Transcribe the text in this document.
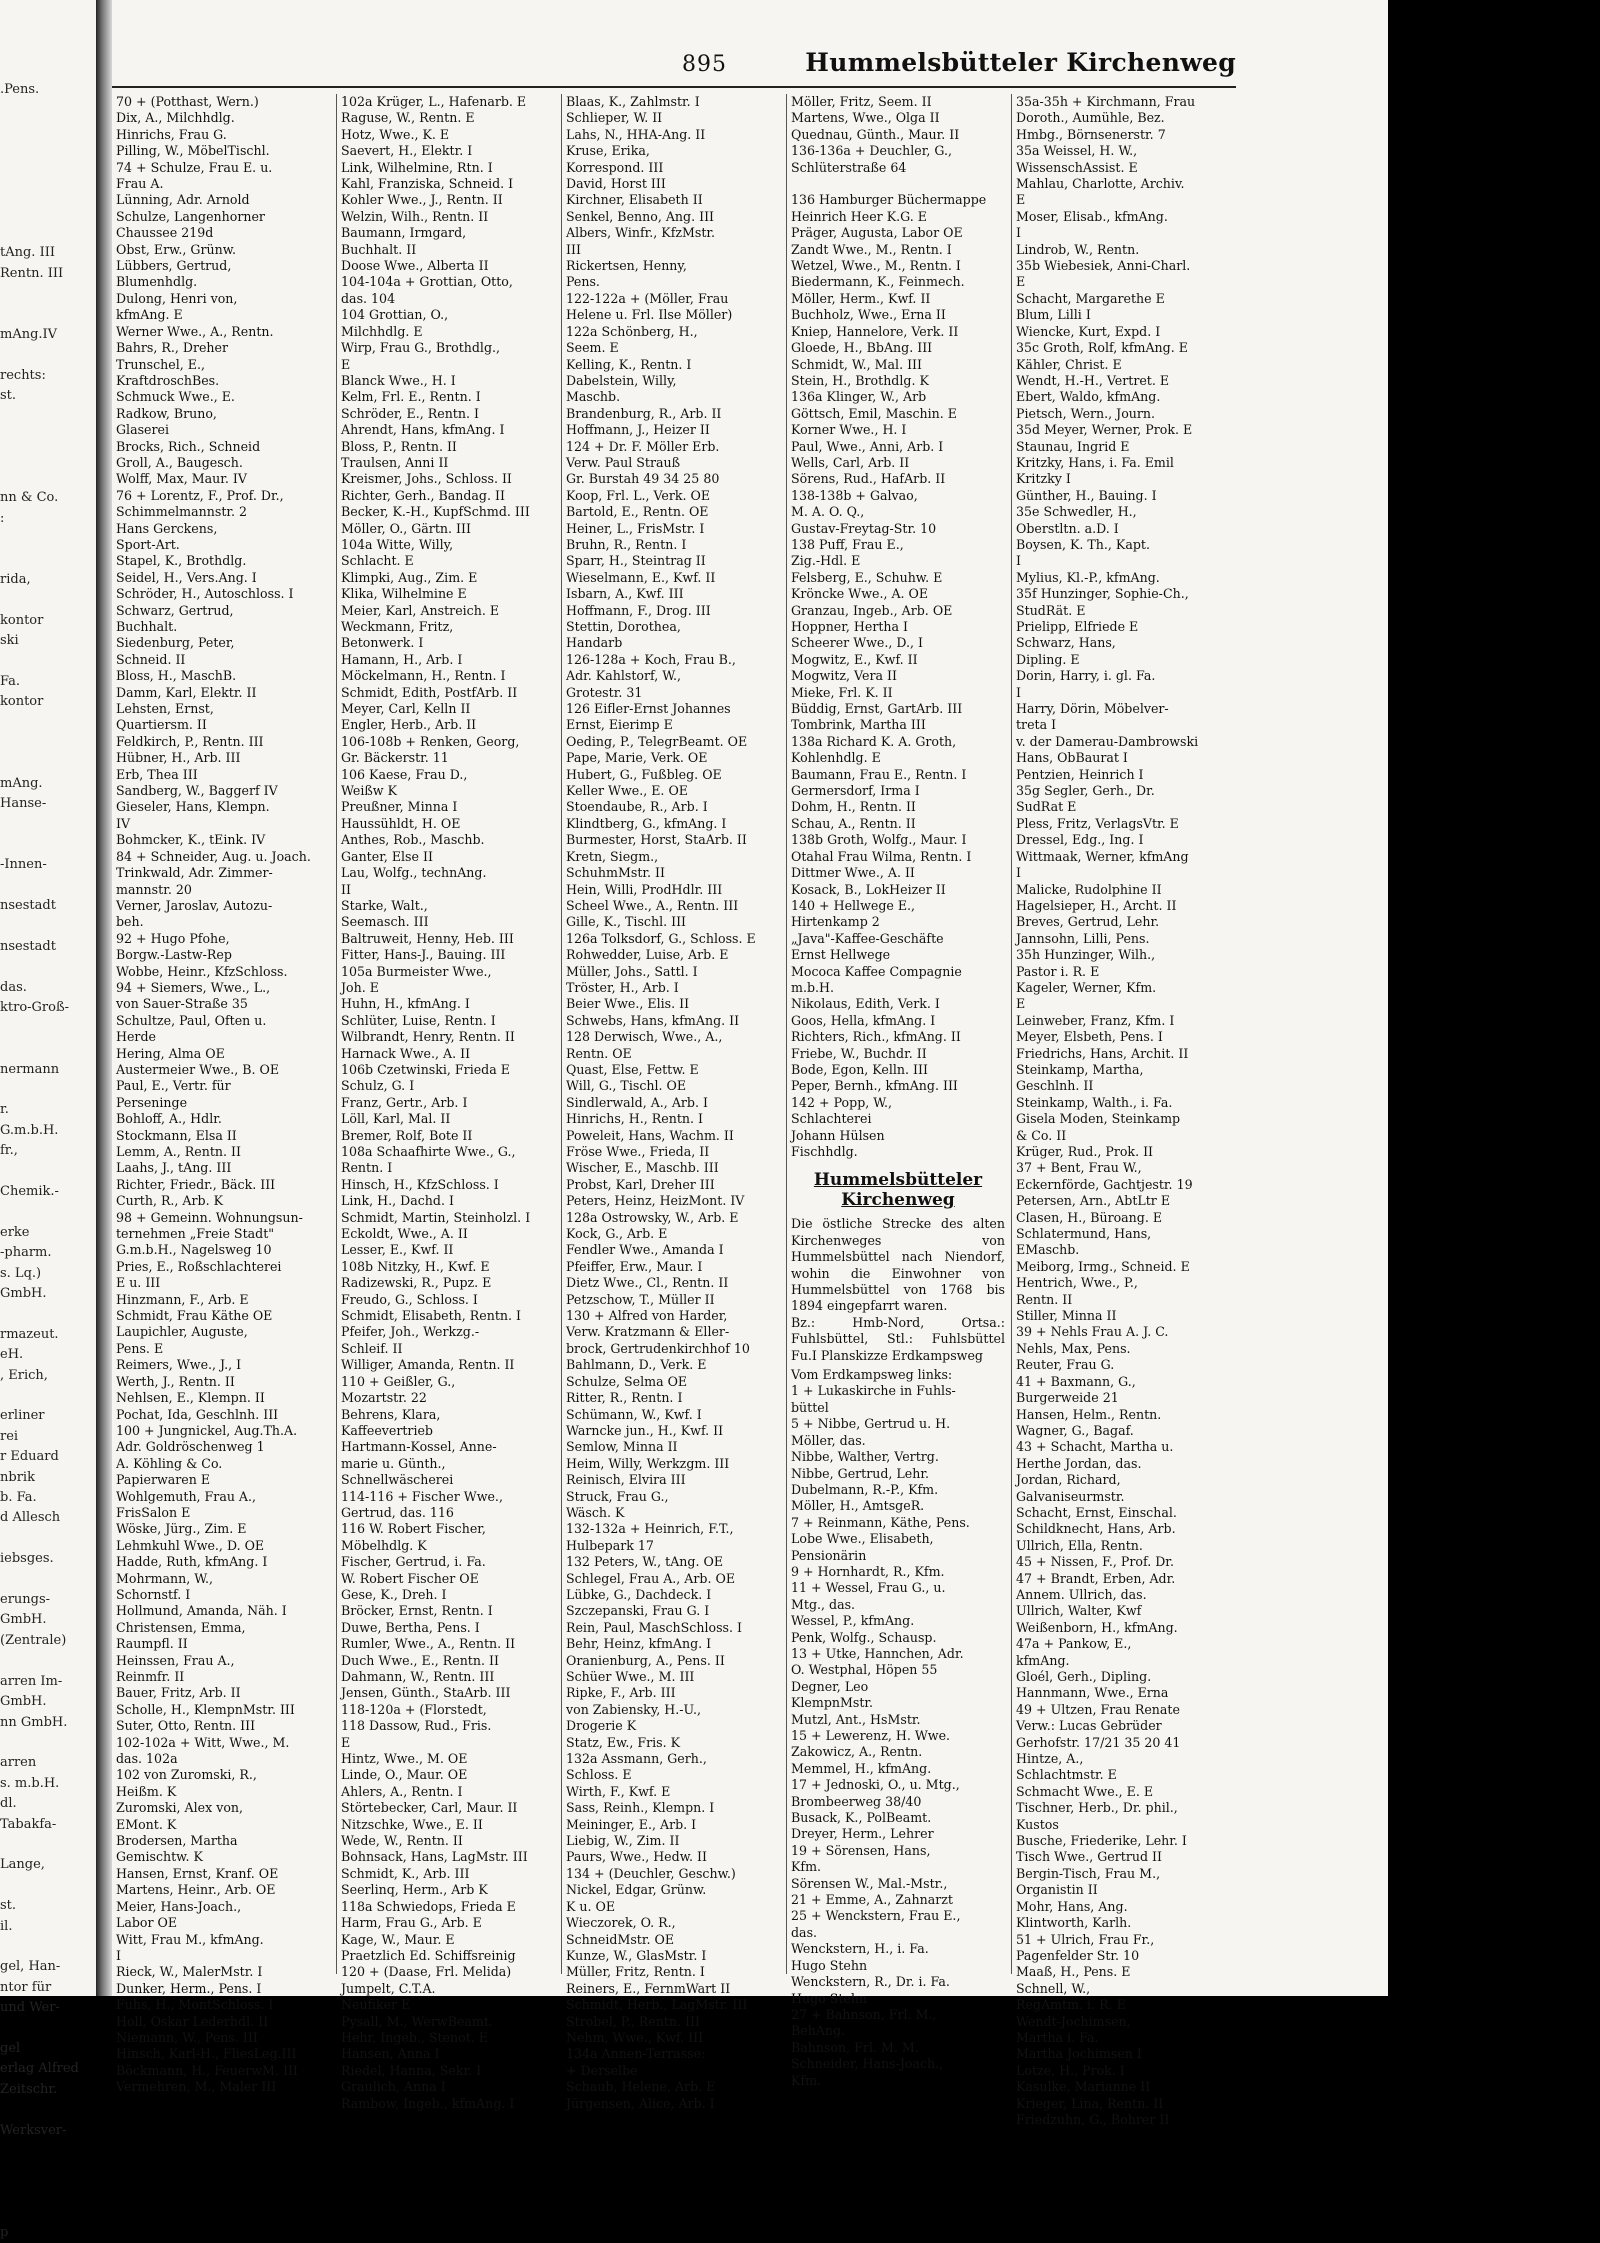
.Pens.

tAng. III
Rentn. III

mAng.IV

rechts:
st.

nn & Co.
:

rida,

kontor
ski

Fa.
kontor

mAng.
Hanse-

-Innen-

nsestadt

nsestadt

das.
ktro-Groß-

nermann

r.
G.m.b.H.
fr.,

Chemik.-

erke
-pharm.
s. Lq.)
GmbH.

rmazeut.
eH.
, Erich,

erliner
rei
r Eduard
nbrik
b. Fa.
d Allesch

iebsges.

erungs-
GmbH.
(Zentrale)

arren Im-
GmbH.
nn GmbH.

arren
s. m.b.H.
dl.
Tabakfa-

Lange,

st.
il.

gel, Han-
ntor für
und Wer-

gel
erlag Alfred
Zeitschr.

Werksver-

p
895	Hummelsbütteler Kirchenweg
70 + (Potthast, Wern.)
Dix, A., Milchhdlg.
Hinrichs, Frau G.
Pilling, W., MöbelTischl.
74 + Schulze, Frau E. u.
Frau A.
Lünning, Adr. Arnold
Schulze, Langenhorner
Chaussee 219d
Obst, Erw., Grünw.
Lübbers, Gertrud,
Blumenhdlg.
Dulong, Henri von,
kfmAng. E
Werner Wwe., A., Rentn.
Bahrs, R., Dreher
Trunschel, E.,
KraftdroschBes.
Schmuck Wwe., E.
Radkow, Bruno,
Glaserei
Brocks, Rich., Schneid
Groll, A., Baugesch.
Wolff, Max, Maur. IV
76 + Lorentz, F., Prof. Dr.,
Schimmelmannstr. 2
Hans Gerckens,
Sport-Art.
Stapel, K., Brothdlg.
Seidel, H., Vers.Ang. I
Schröder, H., Autoschloss. I
Schwarz, Gertrud,
Buchhalt.
Siedenburg, Peter,
Schneid. II
Bloss, H., MaschB.
Damm, Karl, Elektr. II
Lehsten, Ernst,
Quartiersm. II
Feldkirch, P., Rentn. III
Hübner, H., Arb. III
Erb, Thea III
Sandberg, W., Baggerf IV
Gieseler, Hans, Klempn.
IV
Bohmcker, K., tEink. IV
84 + Schneider, Aug. u. Joach.
Trinkwald, Adr. Zimmer-
mannstr. 20
Verner, Jaroslav, Autozu-
beh.
92 + Hugo Pfohe,
Borgw.-Lastw-Rep
Wobbe, Heinr., KfzSchloss.
94 + Siemers, Wwe., L.,
von Sauer-Straße 35
Schultze, Paul, Often u.
Herde
Hering, Alma OE
Austermeier Wwe., B. OE
Paul, E., Vertr. für
Perseninge
Bohloff, A., Hdlr.
Stockmann, Elsa II
Lemm, A., Rentn. II
Laahs, J., tAng. III
Richter, Friedr., Bäck. III
Curth, R., Arb. K
98 + Gemeinn. Wohnungsun-
ternehmen „Freie Stadt"
G.m.b.H., Nagelsweg 10
Pries, E., Roßschlachterei
E u. III
Hinzmann, F., Arb. E
Schmidt, Frau Käthe OE
Laupichler, Auguste,
Pens. E
Reimers, Wwe., J., I
Werth, J., Rentn. II
Nehlsen, E., Klempn. II
Pochat, Ida, Geschlnh. III
100 + Jungnickel, Aug.Th.A.
Adr. Goldröschenweg 1
A. Köhling & Co.
Papierwaren E
Wohlgemuth, Frau A.,
FrisSalon E
Wöske, Jürg., Zim. E
Lehmkuhl Wwe., D. OE
Hadde, Ruth, kfmAng. I
Mohrmann, W.,
Schornstf. I
Hollmund, Amanda, Näh. I
Christensen, Emma,
Raumpfl. II
Heinssen, Frau A.,
Reinmfr. II
Bauer, Fritz, Arb. II
Scholle, H., KlempnMstr. III
Suter, Otto, Rentn. III
102-102a + Witt, Wwe., M.
das. 102a
102 von Zuromski, R.,
Heißm. K
Zuromski, Alex von,
EMont. K
Brodersen, Martha
Gemischtw. K
Hansen, Ernst, Kranf. OE
Martens, Heinr., Arb. OE
Meier, Hans-Joach.,
Labor OE
Witt, Frau M., kfmAng.
I
Rieck, W., MalerMstr. I
Dunker, Herm., Pens. I
Fuhs, H., MontSchloss. I
Holl, Oskar Lederhdl. II
Niemann, W., Pens. III
Hinsch, Karl-H., FliesLeg.III
Böckmann, H., FeuerwM. III
Vermehren, M., Maler III
102a Krüger, L., Hafenarb. E
Raguse, W., Rentn. E
Hotz, Wwe., K. E
Saevert, H., Elektr. I
Link, Wilhelmine, Rtn. I
Kahl, Franziska, Schneid. I
Kohler Wwe., J., Rentn. II
Welzin, Wilh., Rentn. II
Baumann, Irmgard,
Buchhalt. II
Doose Wwe., Alberta II
104-104a + Grottian, Otto,
das. 104
104 Grottian, O.,
Milchhdlg. E
Wirp, Frau G., Brothdlg.,
E
Blanck Wwe., H. I
Kelm, Frl. E., Rentn. I
Schröder, E., Rentn. I
Ahrendt, Hans, kfmAng. I
Bloss, P., Rentn. II
Traulsen, Anni II
Kreismer, Johs., Schloss. II
Richter, Gerh., Bandag. II
Becker, K.-H., KupfSchmd. III
Möller, O., Gärtn. III
104a Witte, Willy,
Schlacht. E
Klimpki, Aug., Zim. E
Klika, Wilhelmine E
Meier, Karl, Anstreich. E
Weckmann, Fritz,
Betonwerk. I
Hamann, H., Arb. I
Möckelmann, H., Rentn. I
Schmidt, Edith, PostfArb. II
Meyer, Carl, Kelln II
Engler, Herb., Arb. II
106-108b + Renken, Georg,
Gr. Bäckerstr. 11
106 Kaese, Frau D.,
Weißw K
Preußner, Minna I
Haussühldt, H. OE
Anthes, Rob., Maschb.
Ganter, Else II
Lau, Wolfg., technAng.
II
Starke, Walt.,
Seemasch. III
Baltruweit, Henny, Heb. III
Fitter, Hans-J., Bauing. III
105a Burmeister Wwe.,
Joh. E
Huhn, H., kfmAng. I
Schlüter, Luise, Rentn. I
Wilbrandt, Henry, Rentn. II
Harnack Wwe., A. II
106b Czetwinski, Frieda E
Schulz, G. I
Franz, Gertr., Arb. I
Löll, Karl, Mal. II
Bremer, Rolf, Bote II
108a Schaafhirte Wwe., G.,
Rentn. I
Hinsch, H., KfzSchloss. I
Link, H., Dachd. I
Schmidt, Martin, Steinholzl. I
Eckoldt, Wwe., A. II
Lesser, E., Kwf. II
108b Nitzky, H., Kwf. E
Radizewski, R., Pupz. E
Freudo, G., Schloss. I
Schmidt, Elisabeth, Rentn. I
Pfeifer, Joh., Werkzg.-
Schleif. II
Williger, Amanda, Rentn. II
110 + Geißler, G.,
Mozartstr. 22
Behrens, Klara,
Kaffeevertrieb
Hartmann-Kossel, Anne-
marie u. Günth.,
Schnellwäscherei
114-116 + Fischer Wwe.,
Gertrud, das. 116
116 W. Robert Fischer,
Möbelhdlg. K
Fischer, Gertrud, i. Fa.
W. Robert Fischer OE
Gese, K., Dreh. I
Bröcker, Ernst, Rentn. I
Duwe, Bertha, Pens. I
Rumler, Wwe., A., Rentn. II
Duch Wwe., E., Rentn. II
Dahmann, W., Rentn. III
Jensen, Günth., StaArb. III
118-120a + (Florstedt,
118 Dassow, Rud., Fris.
E
Hintz, Wwe., M. OE
Linde, O., Maur. OE
Ahlers, A., Rentn. I
Störtebecker, Carl, Maur. II
Nitzschke, Wwe., E. II
Wede, W., Rentn. II
Bohnsack, Hans, LagMstr. III
Schmidt, K., Arb. III
Seerlinq, Herm., Arb K
118a Schwiedops, Frieda E
Harm, Frau G., Arb. E
Kage, W., Maur. E
Praetzlich Ed. Schiffsreinig
120 + (Daase, Frl. Melida)
Jumpelt, C.T.A.
Neufiker E
Pysall, M., WerwBeamt.
Hehr, Ingeb., Stenot. E
Hansen, Anna I
Riedel, Hanna, Sekr. I
Graulich, Anna I
Rambow, Ingeb., kfmAng. I
Blaas, K., Zahlmstr. I
Schlieper, W. II
Lahs, N., HHA-Ang. II
Kruse, Erika,
Korrespond. III
David, Horst III
Kirchner, Elisabeth II
Senkel, Benno, Ang. III
Albers, Winfr., KfzMstr.
III
Rickertsen, Henny,
Pens.
122-122a + (Möller, Frau
Helene u. Frl. Ilse Möller)
122a Schönberg, H.,
Seem. E
Kelling, K., Rentn. I
Dabelstein, Willy,
Maschb.
Brandenburg, R., Arb. II
Hoffmann, J., Heizer II
124 + Dr. F. Möller Erb.
Verw. Paul Strauß
Gr. Burstah 49 34 25 80
Koop, Frl. L., Verk. OE
Bartold, E., Rentn. OE
Heiner, L., FrisMstr. I
Bruhn, R., Rentn. I
Sparr, H., Steintrag II
Wieselmann, E., Kwf. II
Isbarn, A., Kwf. III
Hoffmann, F., Drog. III
Stettin, Dorothea,
Handarb
126-128a + Koch, Frau B.,
Adr. Kahlstorf, W.,
Grotestr. 31
126 Eifler-Ernst Johannes
Ernst, Eierimp E
Oeding, P., TelegrBeamt. OE
Pape, Marie, Verk. OE
Hubert, G., Fußbleg. OE
Keller Wwe., E. OE
Stoendaube, R., Arb. I
Klindtberg, G., kfmAng. I
Burmester, Horst, StaArb. II
Kretn, Siegm.,
SchuhmMstr. II
Hein, Willi, ProdHdlr. III
Scheel Wwe., A., Rentn. III
Gille, K., Tischl. III
126a Tolksdorf, G., Schloss. E
Rohwedder, Luise, Arb. E
Müller, Johs., Sattl. I
Tröster, H., Arb. I
Beier Wwe., Elis. II
Schwebs, Hans, kfmAng. II
128 Derwisch, Wwe., A.,
Rentn. OE
Quast, Else, Fettw. E
Will, G., Tischl. OE
Sindlerwald, A., Arb. I
Hinrichs, H., Rentn. I
Poweleit, Hans, Wachm. II
Fröse Wwe., Frieda, II
Wischer, E., Maschb. III
Probst, Karl, Dreher III
Peters, Heinz, HeizMont. IV
128a Ostrowsky, W., Arb. E
Kock, G., Arb. E
Fendler Wwe., Amanda I
Pfeiffer, Erw., Maur. I
Dietz Wwe., Cl., Rentn. II
Petzschow, T., Müller II
130 + Alfred von Harder,
Verw. Kratzmann & Eller-
brock, Gertrudenkirchhof 10
Bahlmann, D., Verk. E
Schulze, Selma OE
Ritter, R., Rentn. I
Schümann, W., Kwf. I
Warncke jun., H., Kwf. II
Semlow, Minna II
Heim, Willy, Werkzgm. III
Reinisch, Elvira III
Struck, Frau G.,
Wäsch. K
132-132a + Heinrich, F.T.,
Hulbepark 17
132 Peters, W., tAng. OE
Schlegel, Frau A., Arb. OE
Lübke, G., Dachdeck. I
Szczepanski, Frau G. I
Rein, Paul, MaschSchloss. I
Behr, Heinz, kfmAng. I
Oranienburg, A., Pens. II
Schüer Wwe., M. III
Ripke, F., Arb. III
von Zabiensky, H.-U.,
Drogerie K
Statz, Ew., Fris. K
132a Assmann, Gerh.,
Schloss. E
Wirth, F., Kwf. E
Sass, Reinh., Klempn. I
Meininger, E., Arb. I
Liebig, W., Zim. II
Paurs, Wwe., Hedw. II
134 + (Deuchler, Geschw.)
Nickel, Edgar, Grünw.
K u. OE
Wieczorek, O. R.,
SchneidMstr. OE
Kunze, W., GlasMstr. I
Müller, Fritz, Rentn. I
Reiners, E., FernmWart II
Schmidt, Herb., LagMstr. III
Strobel, P., Rentn. III
Nehm, Wwe., Kwf. III
134a Annen-Terrasse:
+ Derselbe
Schaub, Helene, Arb. E
Jürgensen, Alice, Arb. I
Möller, Fritz, Seem. II
Martens, Wwe., Olga II
Quednau, Günth., Maur. II
136-136a + Deuchler, G.,
Schlüterstraße 64

136 Hamburger Büchermappe
Heinrich Heer K.G. E
Präger, Augusta, Labor OE
Zandt Wwe., M., Rentn. I
Wetzel, Wwe., M., Rentn. I
Biedermann, K., Feinmech.
Möller, Herm., Kwf. II
Buchholz, Wwe., Erna II
Kniep, Hannelore, Verk. II
Gloede, H., BbAng. III
Schmidt, W., Mal. III
Stein, H., Brothdlg. K
136a Klinger, W., Arb
Göttsch, Emil, Maschin. E
Korner Wwe., H. I
Paul, Wwe., Anni, Arb. I
Wells, Carl, Arb. II
Sörens, Rud., HafArb. II
138-138b + Galvao,
M. A. O. Q.,
Gustav-Freytag-Str. 10
138 Puff, Frau E.,
Zig.-Hdl. E
Felsberg, E., Schuhw. E
Kröncke Wwe., A. OE
Granzau, Ingeb., Arb. OE
Hoppner, Hertha I
Scheerer Wwe., D., I
Mogwitz, E., Kwf. II
Mogwitz, Vera II
Mieke, Frl. K. II
Büddig, Ernst, GartArb. III
Tombrink, Martha III
138a Richard K. A. Groth,
Kohlenhdlg. E
Baumann, Frau E., Rentn. I
Germersdorf, Irma I
Dohm, H., Rentn. II
Schau, A., Rentn. II
138b Groth, Wolfg., Maur. I
Otahal Frau Wilma, Rentn. I
Dittmer Wwe., A. II
Kosack, B., LokHeizer II
140 + Hellwege E.,
Hirtenkamp 2
„Java"-Kaffee-Geschäfte
Ernst Hellwege
Mococa Kaffee Compagnie
m.b.H.
Nikolaus, Edith, Verk. I
Goos, Hella, kfmAng. I
Richters, Rich., kfmAng. II
Friebe, W., Buchdr. II
Bode, Egon, Kelln. III
Peper, Bernh., kfmAng. III
142 + Popp, W.,
Schlachterei
Johann Hülsen
Fischhdlg.
Hummelsbütteler
Kirchenweg
Die östliche Strecke des alten Kirchenweges von Hummelsbüttel nach Niendorf, wohin die Einwohner von Hummelsbüttel von 1768 bis 1894 eingepfarrt waren.
Bz.: Hmb-Nord, Ortsa.: Fuhlsbüttel, Stl.: Fuhlsbüttel Fu.I Planskizze Erdkampsweg
Vom Erdkampsweg links:
1 + Lukaskirche in Fuhls-
büttel
5 + Nibbe, Gertrud u. H.
Möller, das.
Nibbe, Walther, Vertrg.
Nibbe, Gertrud, Lehr.
Dubelmann, R.-P., Kfm.
Möller, H., AmtsgeR.
7 + Reinmann, Käthe, Pens.
Lobe Wwe., Elisabeth,
Pensionärin
9 + Hornhardt, R., Kfm.
11 + Wessel, Frau G., u.
Mtg., das.
Wessel, P., kfmAng.
Penk, Wolfg., Schausp.
13 + Utke, Hannchen, Adr.
O. Westphal, Höpen 55
Degner, Leo
KlempnMstr.
Mutzl, Ant., HsMstr.
15 + Lewerenz, H. Wwe.
Zakowicz, A., Rentn.
Memmel, H., kfmAng.
17 + Jednoski, O., u. Mtg.,
Brombeerweg 38/40
Busack, K., PolBeamt.
Dreyer, Herm., Lehrer
19 + Sörensen, Hans,
Kfm.
Sörensen W., Mal.-Mstr.,
21 + Emme, A., Zahnarzt
25 + Wenckstern, Frau E.,
das.
Wenckstern, H., i. Fa.
Hugo Stehn
Wenckstern, R., Dr. i. Fa.
Hugo Stehn
27 + Bahnson, Frl. M.,
BehAng.
Bahnson, Frl. M. M.
Schneider, Hans-Joach.,
Kfm.
35a-35h + Kirchmann, Frau
Doroth., Aumühle, Bez.
Hmbg., Börnsenerstr. 7
35a Weissel, H. W.,
WissenschAssist. E
Mahlau, Charlotte, Archiv.
E
Moser, Elisab., kfmAng.
I
Lindrob, W., Rentn.
35b Wiebesiek, Anni-Charl.
E
Schacht, Margarethe E
Blum, Lilli I
Wiencke, Kurt, Expd. I
35c Groth, Rolf, kfmAng. E
Kähler, Christ. E
Wendt, H.-H., Vertret. E
Ebert, Waldo, kfmAng.
Pietsch, Wern., Journ.
35d Meyer, Werner, Prok. E
Staunau, Ingrid E
Kritzky, Hans, i. Fa. Emil
Kritzky I
Günther, H., Bauing. I
35e Schwedler, H.,
Oberstltn. a.D. I
Boysen, K. Th., Kapt.
I
Mylius, Kl.-P., kfmAng.
35f Hunzinger, Sophie-Ch.,
StudRät. E
Prielipp, Elfriede E
Schwarz, Hans,
Dipling. E
Dorin, Harry, i. gl. Fa.
I
Harry, Dörin, Möbelver-
treta I
v. der Damerau-Dambrowski
Hans, ObBaurat I
Pentzien, Heinrich I
35g Segler, Gerh., Dr.
SudRat E
Pless, Fritz, VerlagsVtr. E
Dressel, Edg., Ing. I
Wittmaak, Werner, kfmAng
I
Malicke, Rudolphine II
Hagelsieper, H., Archt. II
Breves, Gertrud, Lehr.
Jannsohn, Lilli, Pens.
35h Hunzinger, Wilh.,
Pastor i. R. E
Kageler, Werner, Kfm.
E
Leinweber, Franz, Kfm. I
Meyer, Elsbeth, Pens. I
Friedrichs, Hans, Archit. II
Steinkamp, Martha,
Geschlnh. II
Steinkamp, Walth., i. Fa.
Gisela Moden, Steinkamp
& Co. II
Krüger, Rud., Prok. II
37 + Bent, Frau W.,
Eckernförde, Gachtjestr. 19
Petersen, Arn., AbtLtr E
Clasen, H., Büroang. E
Schlatermund, Hans,
EMaschb.
Meiborg, Irmg., Schneid. E
Hentrich, Wwe., P.,
Rentn. II
Stiller, Minna II
39 + Nehls Frau A. J. C.
Nehls, Max, Pens.
Reuter, Frau G.
41 + Baxmann, G.,
Burgerweide 21
Hansen, Helm., Rentn.
Wagner, G., Bagaf.
43 + Schacht, Martha u.
Herthe Jordan, das.
Jordan, Richard,
Galvaniseurmstr.
Schacht, Ernst, Einschal.
Schildknecht, Hans, Arb.
Ullrich, Ella, Rentn.
45 + Nissen, F., Prof. Dr.
47 + Brandt, Erben, Adr.
Annem. Ullrich, das.
Ullrich, Walter, Kwf
Weißenborn, H., kfmAng.
47a + Pankow, E.,
kfmAng.
Gloél, Gerh., Dipling.
Hannmann, Wwe., Erna
49 + Ultzen, Frau Renate
Verw.: Lucas Gebrüder
Gerhofstr. 17/21 35 20 41
Hintze, A.,
Schlachtmstr. E
Schmacht Wwe., E. E
Tischner, Herb., Dr. phil.,
Kustos
Busche, Friederike, Lehr. I
Tisch Wwe., Gertrud II
Bergin-Tisch, Frau M.,
Organistin II
Mohr, Hans, Ang.
Klintworth, Karlh.
51 + Ulrich, Frau Fr.,
Pagenfelder Str. 10
Maaß, H., Pens. E
Schnell, W.,
RegAmtm. i. R. E
Wendt-Jochimsen,
Martha i. Fa.
Martha Jochimsen I
Lotze, H., Prok. I
Kasulke, Marianne II
Krieger, Lina, Rentn. II
Friedzuhn, G., Bohrer II
